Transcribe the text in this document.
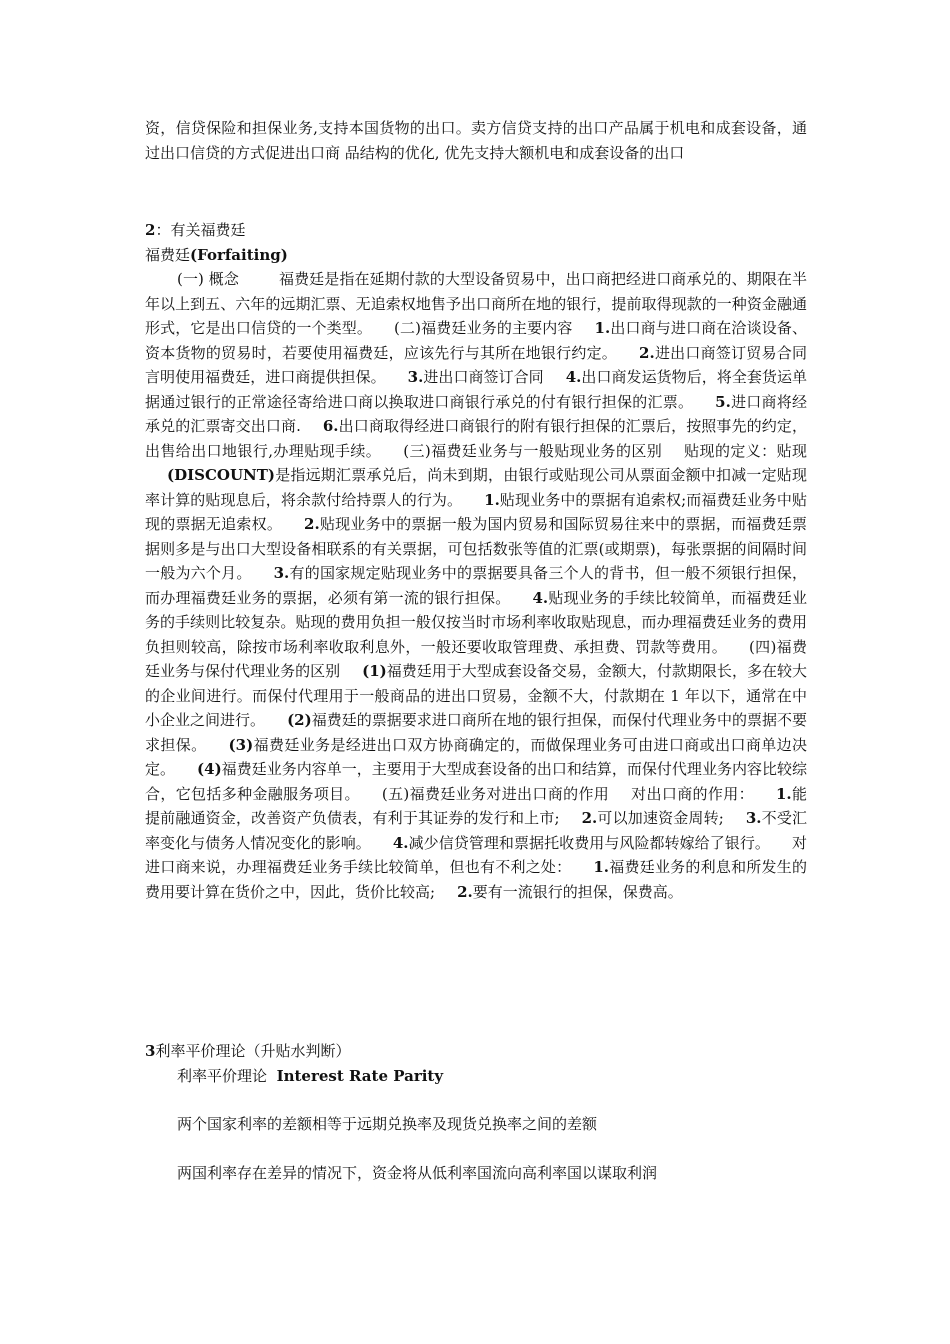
资，信贷保险和担保业务,支持本国货物的出口。卖方信贷支持的出口产品属于机电和成套设备，通过出口信贷的方式促进出口商 品结构的优化, 优先支持大额机电和成套设备的出口
2：有关福费廷
福费廷(Forfaiting)
(一) 概念	福费廷是指在延期付款的大型设备贸易中，出口商把经进口商承兑的、期限在半年以上到五、六年的远期汇票、无追索权地售予出口商所在地的银行，提前取得现款的一种资金融通形式，它是出口信贷的一个类型。 (二)福费廷业务的主要内容 1.出口商与进口商在洽谈设备、资本货物的贸易时，若要使用福费廷，应该先行与其所在地银行约定。 2.进出口商签订贸易合同言明使用福费廷，进口商提供担保。 3.进出口商签订合同 4.出口商发运货物后，将全套货运单据通过银行的正常途径寄给进口商以换取进口商银行承兑的付有银行担保的汇票。 5.进口商将经承兑的汇票寄交出口商. 6.出口商取得经进口商银行的附有银行担保的汇票后，按照事先的约定，出售给出口地银行,办理贴现手续。 (三)福费廷业务与一般贴现业务的区别 贴现的定义：贴现(DISCOUNT)是指远期汇票承兑后，尚未到期，由银行或贴现公司从票面金额中扣减一定贴现率计算的贴现息后，将余款付给持票人的行为。 1.贴现业务中的票据有追索权;而福费廷业务中贴现的票据无追索权。 2.贴现业务中的票据一般为国内贸易和国际贸易往来中的票据，而福费廷票据则多是与出口大型设备相联系的有关票据，可包括数张等值的汇票(或期票)，每张票据的间隔时间一般为六个月。 3.有的国家规定贴现业务中的票据要具备三个人的背书，但一般不须银行担保，而办理福费廷业务的票据，必须有第一流的银行担保。 4.贴现业务的手续比较简单，而福费廷业务的手续则比较复杂。贴现的费用负担一般仅按当时市场利率收取贴现息，而办理福费廷业务的费用负担则较高，除按市场利率收取利息外，一般还要收取管理费、承担费、罚款等费用。 (四)福费廷业务与保付代理业务的区别 (1)福费廷用于大型成套设备交易，金额大，付款期限长，多在较大的企业间进行。而保付代理用于一般商品的进出口贸易，金额不大，付款期在 1 年以下，通常在中小企业之间进行。 (2)福费廷的票据要求进口商所在地的银行担保，而保付代理业务中的票据不要求担保。 (3)福费廷业务是经进出口双方协商确定的，而做保理业务可由进口商或出口商单边决定。 (4)福费廷业务内容单一，主要用于大型成套设备的出口和结算，而保付代理业务内容比较综合，它包括多种金融服务项目。 (五)福费廷业务对进出口商的作用 对出口商的作用： 1.能提前融通资金，改善资产负债表，有利于其证券的发行和上市; 2.可以加速资金周转; 3.不受汇率变化与债务人情况变化的影响。 4.减少信贷管理和票据托收费用与风险都转嫁给了银行。 对进口商来说，办理福费廷业务手续比较简单，但也有不利之处： 1.福费廷业务的利息和所发生的费用要计算在货价之中，因此，货价比较高; 2.要有一流银行的担保，保费高。
3利率平价理论（升贴水判断）
利率平价理论 Interest Rate Parity
两个国家利率的差额相等于远期兑换率及现货兑换率之间的差额
两国利率存在差异的情况下，资金将从低利率国流向高利率国以谋取利润
